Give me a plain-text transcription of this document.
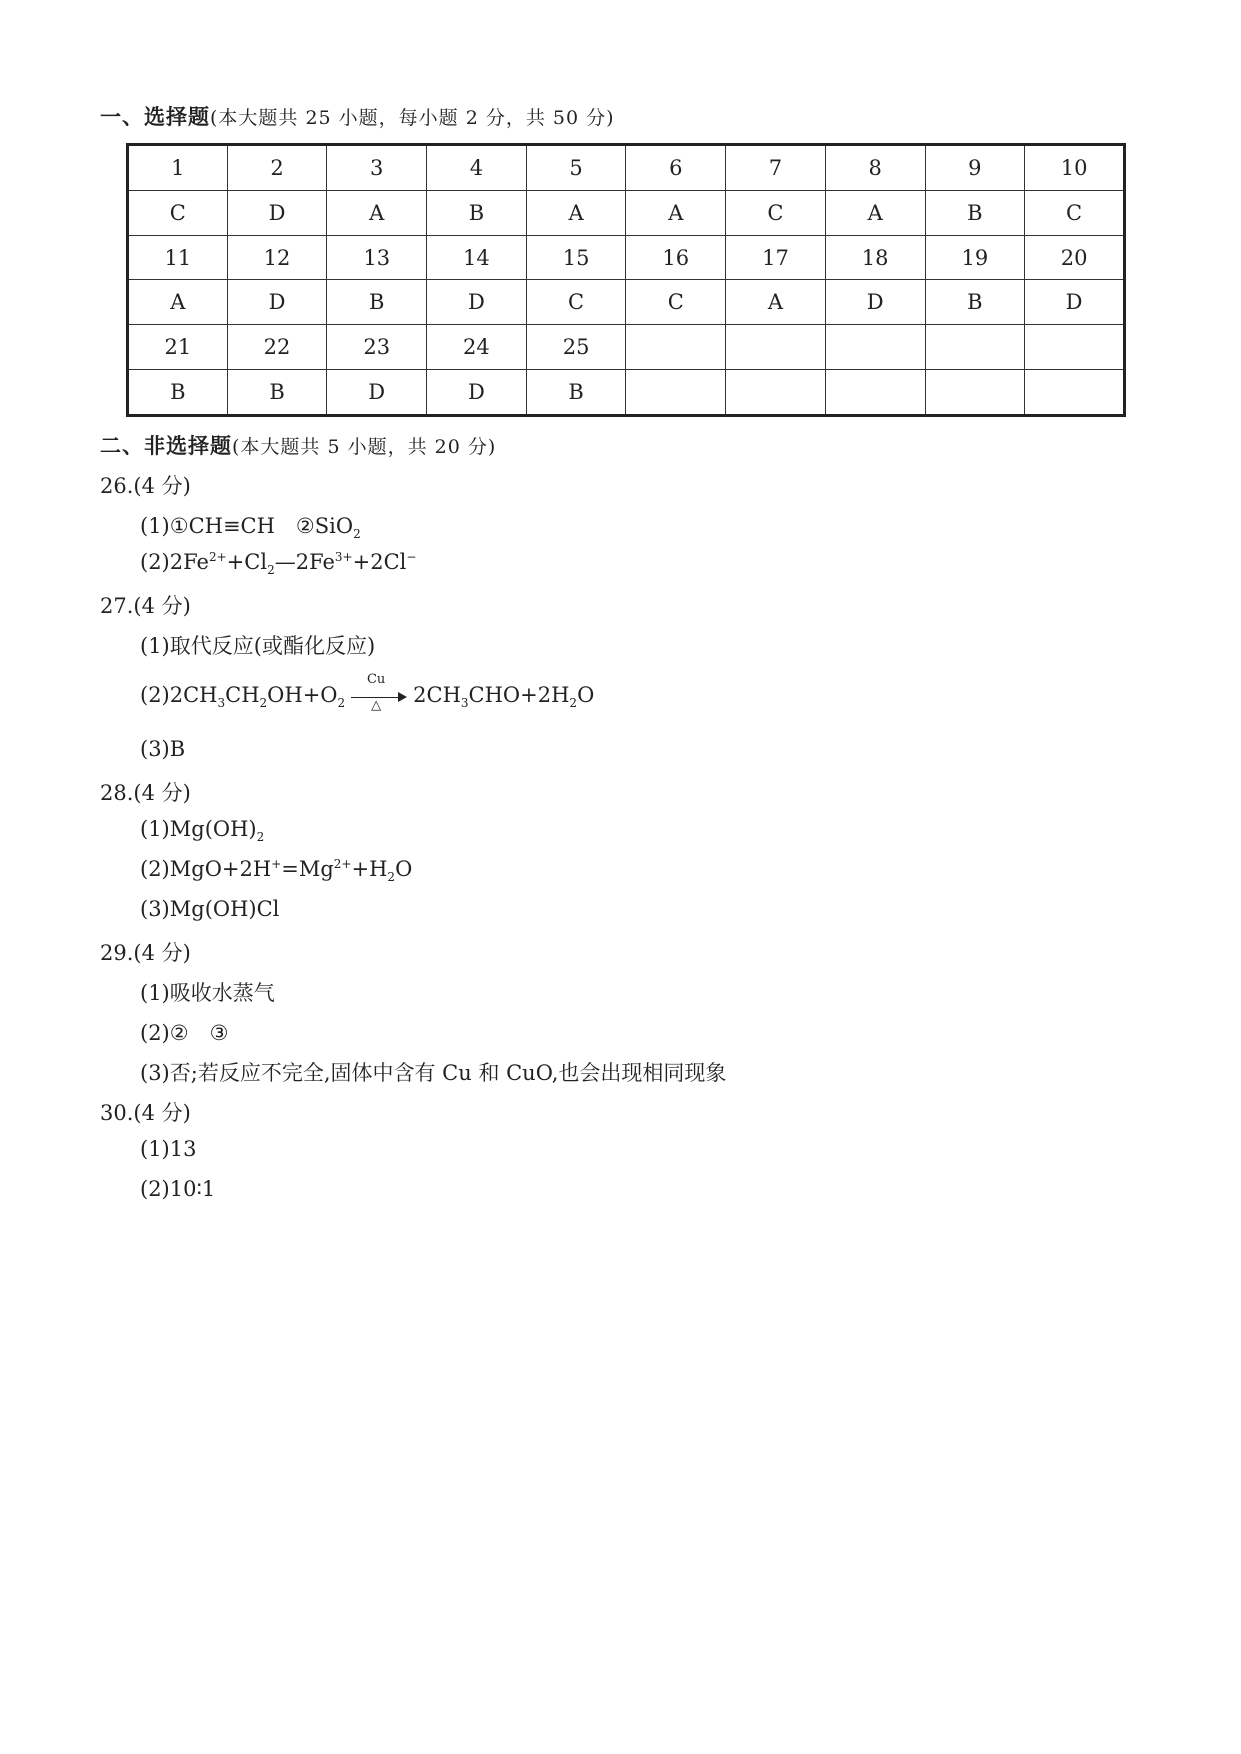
一、选择题(本大题共 25 小题，每小题 2 分，共 50 分)
1	2	3	4	5	6	7	8	9	10
C	D	A	B	A	A	C	A	B	C
11	12	13	14	15	16	17	18	19	20
A	D	B	D	C	C	A	D	B	D
21	22	23	24	25					
B	B	D	D	B					
二、非选择题(本大题共 5 小题，共 20 分)
26.(4 分)
(1)①CH≡CH　②SiO$_2$
$(2)2Fe^{2+}+Cl_2—2Fe^{3+}+2Cl^-$
27.(4 分)
(1)取代反应(或酯化反应)
$(2)2CH_3CH_2OH+O_2$
Cu
△	$2CH_3CHO+2H_2O$
(3)B
28.(4 分)
$(1)Mg(OH)_2$
$(2)MgO+2H^+=Mg^{2+}+H_2O$
(3)Mg(OH)Cl
29.(4 分)
(1)吸收水蒸气
(2)②　③
(3)否;若反应不完全,固体中含有 Cu 和 CuO,也会出现相同现象
30.(4 分)
(1)13
(2)10∶1
